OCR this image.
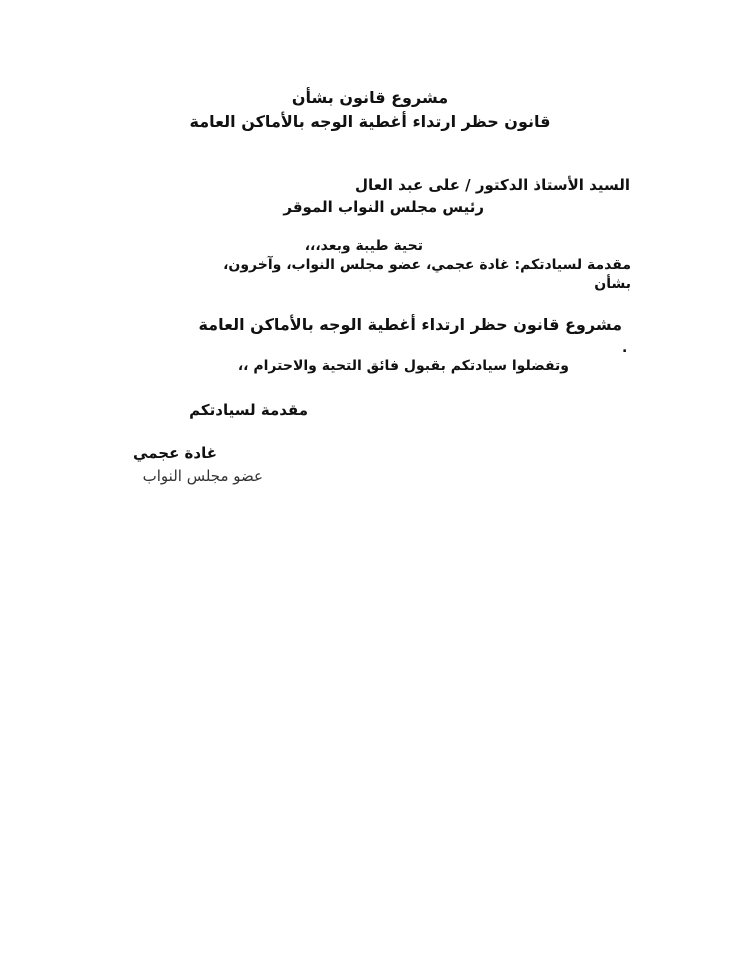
مشروع قانون بشأن
قانون حظر ارتداء أغطية الوجه بالأماكن العامة
السيد الأستاذ الدكتور / على عبد العال
رئيس مجلس النواب الموقر
تحية طيبة وبعد،،،
مقدمة لسيادتكم: غادة عجمي، عضو مجلس النواب، وآخرون،
بشأن
مشروع قانون حظر ارتداء أغطية الوجه بالأماكن العامة
.
وتفضلوا سيادتكم بقبول فائق التحية والاحترام ،،
مقدمة لسيادتكم
غادة عجمي
عضو مجلس النواب
